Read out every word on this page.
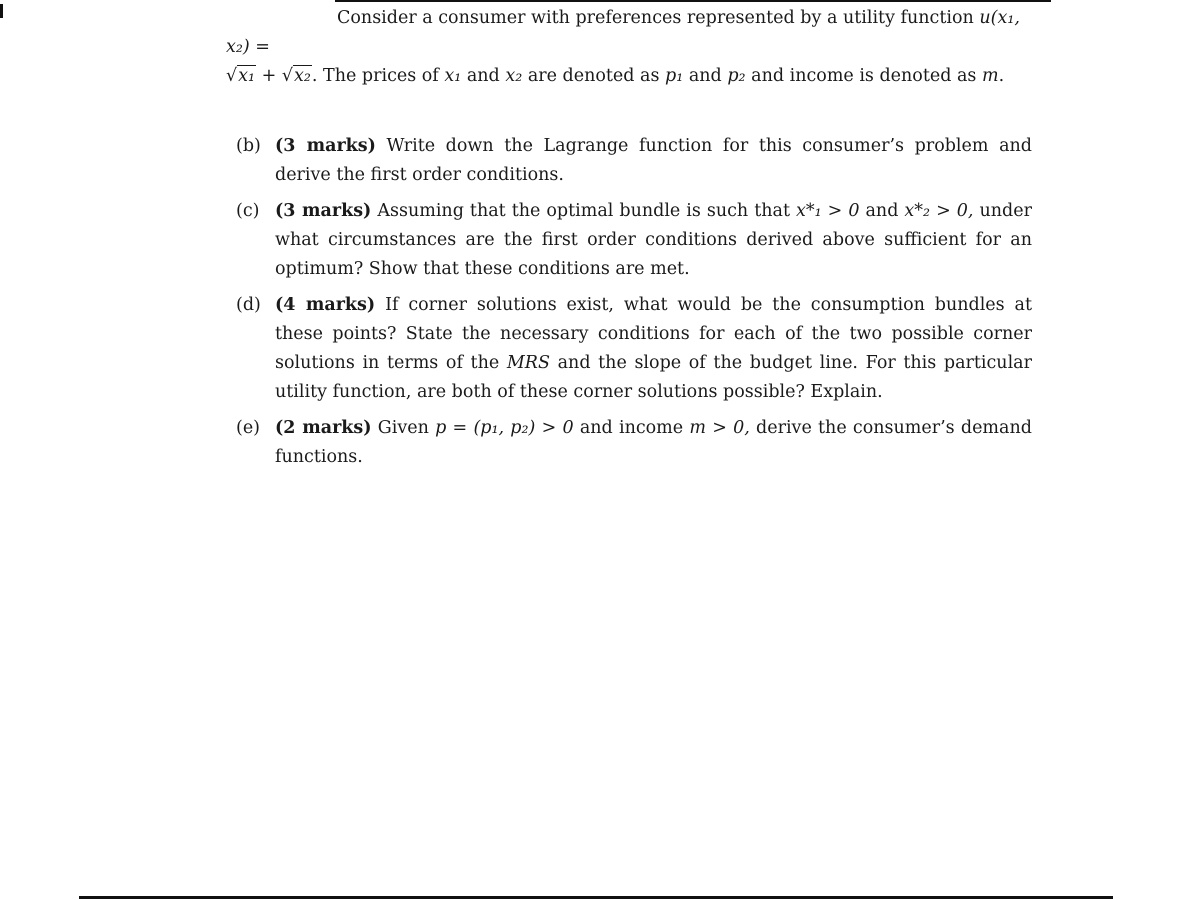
Consider a consumer with preferences represented by a utility function u(x₁, x₂) =
√x₁ + √x₂. The prices of x₁ and x₂ are denoted as p₁ and p₂ and income is denoted as m.

(b) (3 marks) Write down the Lagrange function for this consumer’s problem and derive the first order conditions.
(c) (3 marks) Assuming that the optimal bundle is such that x*₁ > 0 and x*₂ > 0, under what circumstances are the first order conditions derived above sufficient for an optimum? Show that these conditions are met.
(d) (4 marks) If corner solutions exist, what would be the consumption bundles at these points? State the necessary conditions for each of the two possible corner solutions in terms of the MRS and the slope of the budget line. For this particular utility function, are both of these corner solutions possible? Explain.
(e) (2 marks) Given p = (p₁, p₂) > 0 and income m > 0, derive the consumer’s demand functions.
